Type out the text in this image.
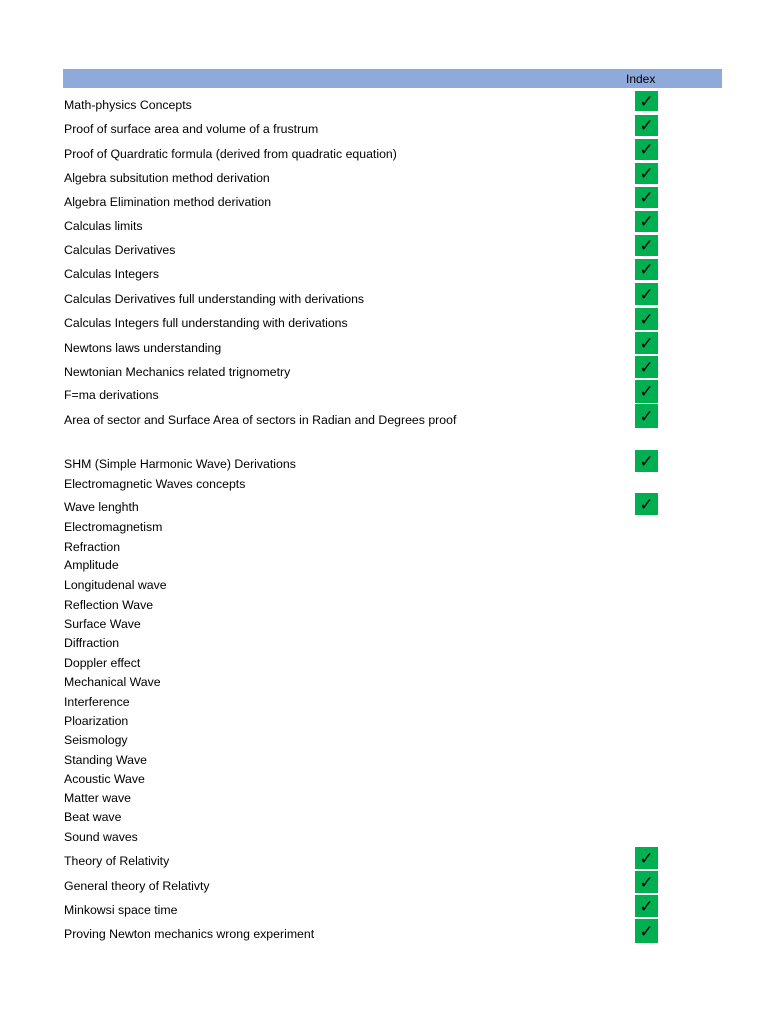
Index
Math-physics Concepts	✓
Proof of surface area and volume of a frustrum	✓
Proof of Quardratic formula (derived from quadratic equation)	✓
Algebra subsitution method derivation	✓
Algebra Elimination method derivation	✓
Calculas limits	✓
Calculas Derivatives	✓
Calculas Integers	✓
Calculas Derivatives full understanding with derivations	✓
Calculas Integers full understanding with derivations	✓
Newtons laws understanding	✓
Newtonian Mechanics related trignometry	✓
F=ma derivations	✓
Area of sector and Surface Area of sectors in Radian and Degrees proof	✓
SHM (Simple Harmonic Wave) Derivations	✓
Electromagnetic Waves concepts
Wave lenghth	✓
Electromagnetism
Refraction
Amplitude
Longitudenal wave
Reflection Wave
Surface Wave
Diffraction
Doppler effect
Mechanical Wave
Interference
Ploarization
Seismology
Standing Wave
Acoustic Wave
Matter wave
Beat wave
Sound waves
Theory of Relativity	✓
General theory of Relativty	✓
Minkowsi space time	✓
Proving Newton mechanics wrong experiment	✓
